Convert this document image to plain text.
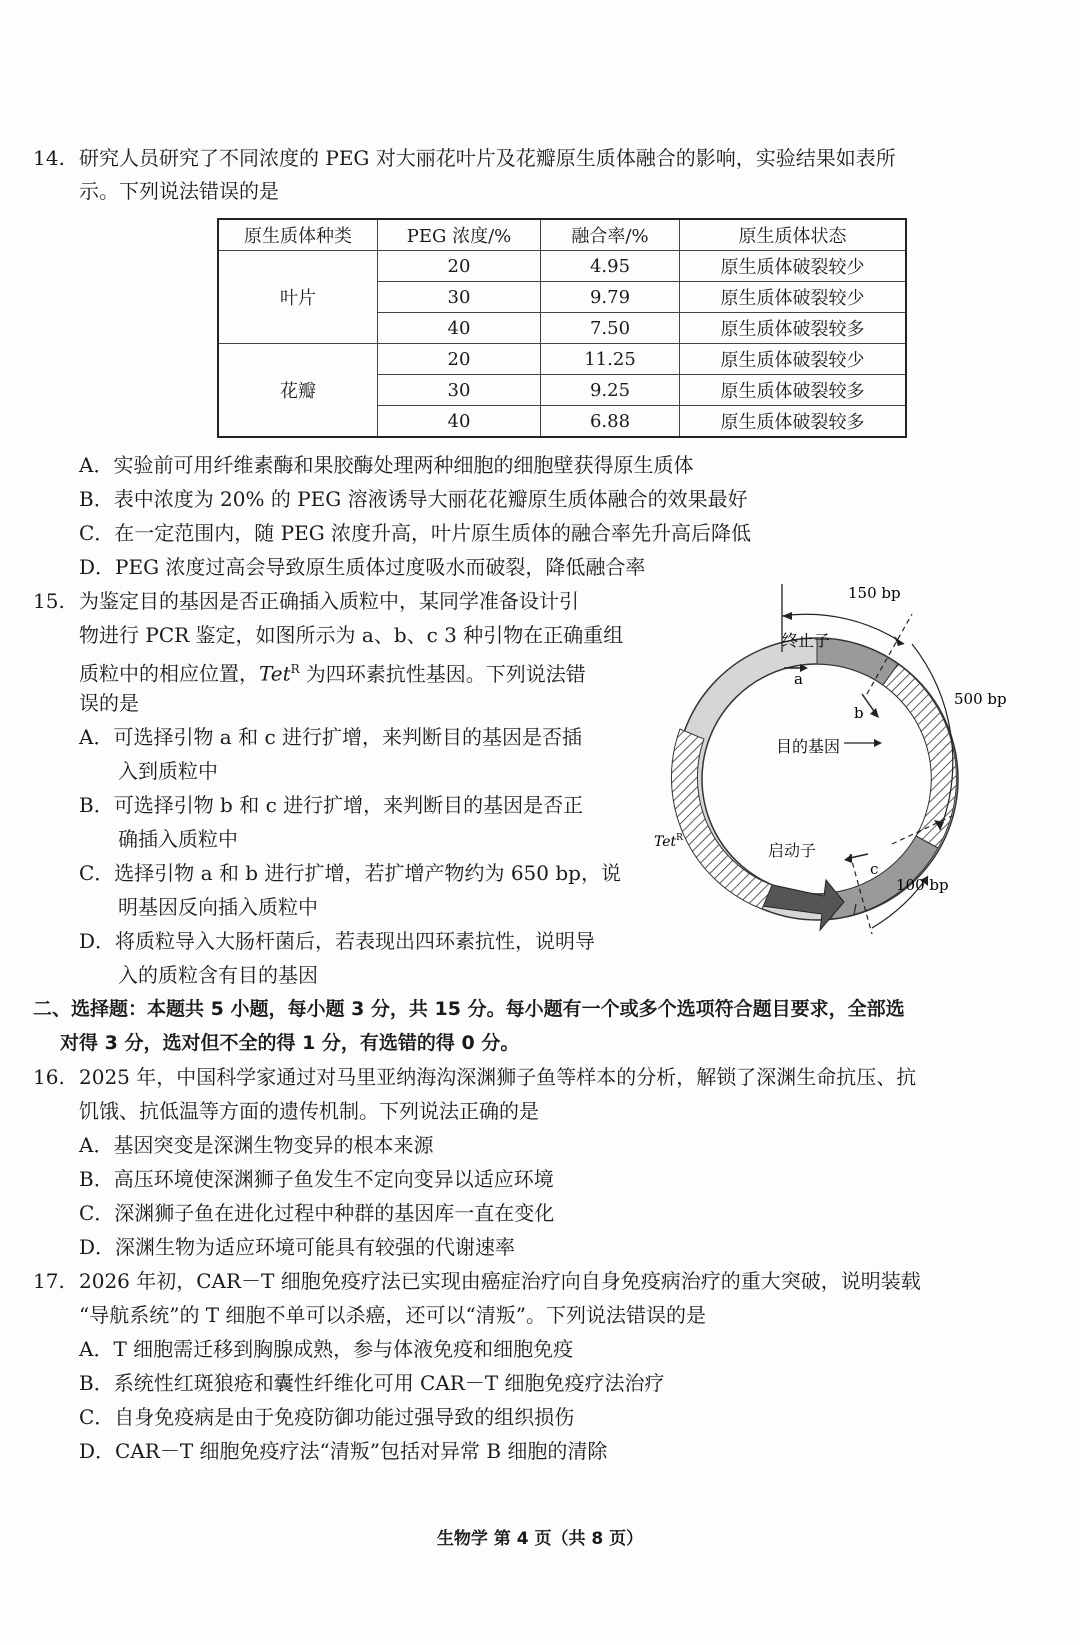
14. 研究人员研究了不同浓度的 PEG 对大丽花叶片及花瓣原生质体融合的影响，实验结果如表所
示。下列说法错误的是
原生质体种类	PEG 浓度/%	融合率/%	原生质体状态
叶片	20	4.95	原生质体破裂较少
	30	9.79	原生质体破裂较少
	40	7.50	原生质体破裂较多
花瓣	20	11.25	原生质体破裂较少
	30	9.25	原生质体破裂较多
	40	6.88	原生质体破裂较多
A．实验前可用纤维素酶和果胶酶处理两种细胞的细胞壁获得原生质体
B．表中浓度为 20% 的 PEG 溶液诱导大丽花花瓣原生质体融合的效果最好
C．在一定范围内，随 PEG 浓度升高，叶片原生质体的融合率先升高后降低
D．PEG 浓度过高会导致原生质体过度吸水而破裂，降低融合率
15. 为鉴定目的基因是否正确插入质粒中，某同学准备设计引
物进行 PCR 鉴定，如图所示为 a、b、c 3 种引物在正确重组
质粒中的相应位置，Tet$^R$ 为四环素抗性基因。下列说法错
误的是
A．可选择引物 a 和 c 进行扩增，来判断目的基因是否插
入到质粒中
B．可选择引物 b 和 c 进行扩增，来判断目的基因是否正
确插入质粒中
C．选择引物 a 和 b 进行扩增，若扩增产物约为 650 bp，说
明基因反向插入质粒中
D．将质粒导入大肠杆菌后，若表现出四环素抗性，说明导
入的质粒含有目的基因
150 bp
500 bp
100 bp
终止子
目的基因
启动子
a
b
c
Tet$^R$
二、选择题：本题共 5 小题，每小题 3 分，共 15 分。每小题有一个或多个选项符合题目要求，全部选
对得 3 分，选对但不全的得 1 分，有选错的得 0 分。
16. 2025 年，中国科学家通过对马里亚纳海沟深渊狮子鱼等样本的分析，解锁了深渊生命抗压、抗
饥饿、抗低温等方面的遗传机制。下列说法正确的是
A．基因突变是深渊生物变异的根本来源
B．高压环境使深渊狮子鱼发生不定向变异以适应环境
C．深渊狮子鱼在进化过程中种群的基因库一直在变化
D．深渊生物为适应环境可能具有较强的代谢速率
17. 2026 年初，CAR－T 细胞免疫疗法已实现由癌症治疗向自身免疫病治疗的重大突破，说明装载
“导航系统”的 T 细胞不单可以杀癌，还可以“清叛”。下列说法错误的是
A．T 细胞需迁移到胸腺成熟，参与体液免疫和细胞免疫
B．系统性红斑狼疮和囊性纤维化可用 CAR－T 细胞免疫疗法治疗
C．自身免疫病是由于免疫防御功能过强导致的组织损伤
D．CAR－T 细胞免疫疗法“清叛”包括对异常 B 细胞的清除
生物学 第 4 页（共 8 页）
